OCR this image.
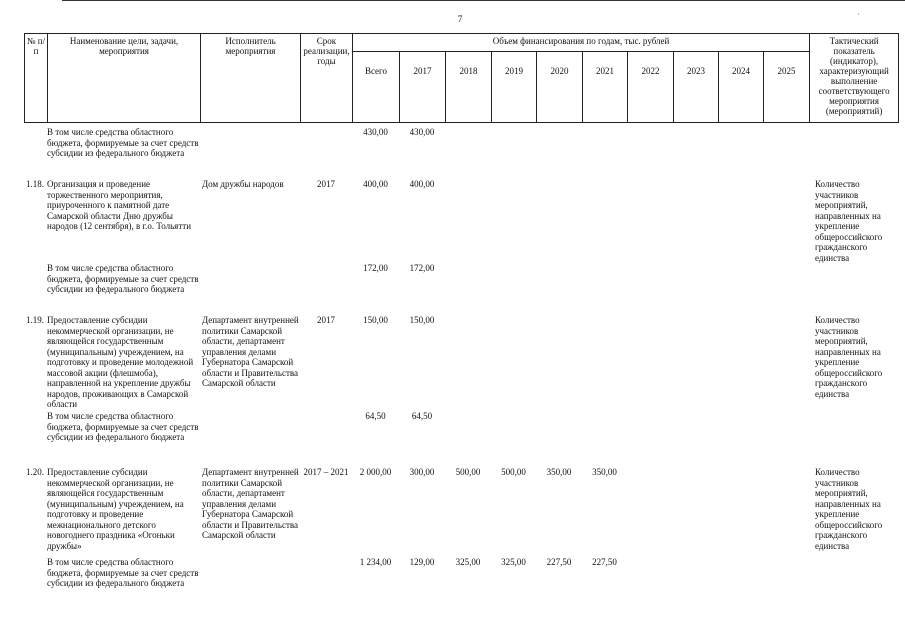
7	˙
№ п/п	Наименование цели, задачи, мероприятия	Исполнитель мероприятия	Срок реализации, годы	Объем финансирования по годам, тыс. рублей										Тактический показатель (индикатор), характеризующий выполнение соответствующего мероприятия (мероприятий)
				Всего	2017	2018	2019	2020	2021	2022	2023	2024	2025	
	В том числе средства областного бюджета, формируемые за счет средств субсидии из федерального бюджета			430,00	430,00									
1.18.	Организация и проведение торжественного мероприятия, приуроченного к памятной дате Самарской области Дню дружбы народов (12 сентября), в г.о. Тольятти	Дом дружбы народов	2017	400,00	400,00									Количество участников мероприятий, направленных на укрепление общероссийского гражданского единства
	В том числе средства областного бюджета, формируемые за счет средств субсидии из федерального бюджета			172,00	172,00									
1.19.	Предоставление субсидии некоммерческой организации, не являющейся государственным (муниципальным) учреждением, на подготовку и проведение молодежной массовой акции (флешмоба), направленной на укрепление дружбы народов, проживающих в Самарской области	Департамент внутренней политики Самарской области, департамент управления делами Губернатора Самарской области и Правительства Самарской области	2017	150,00	150,00									Количество участников мероприятий, направленных на укрепление общероссийского гражданского единства
	В том числе средства областного бюджета, формируемые за счет средств субсидии из федерального бюджета			64,50	64,50									
1.20.	Предоставление субсидии некоммерческой организации, не являющейся государственным (муниципальным) учреждением, на подготовку и проведение межнационального детского новогоднего праздника «Огоньки дружбы»	Департамент внутренней политики Самарской области, департамент управления делами Губернатора Самарской области и Правительства Самарской области	2017 – 2021	2 000,00	300,00	500,00	500,00	350,00	350,00					Количество участников мероприятий, направленных на укрепление общероссийского гражданского единства
	В том числе средства областного бюджета, формируемые за счет средств субсидии из федерального бюджета			1 234,00	129,00	325,00	325,00	227,50	227,50					
